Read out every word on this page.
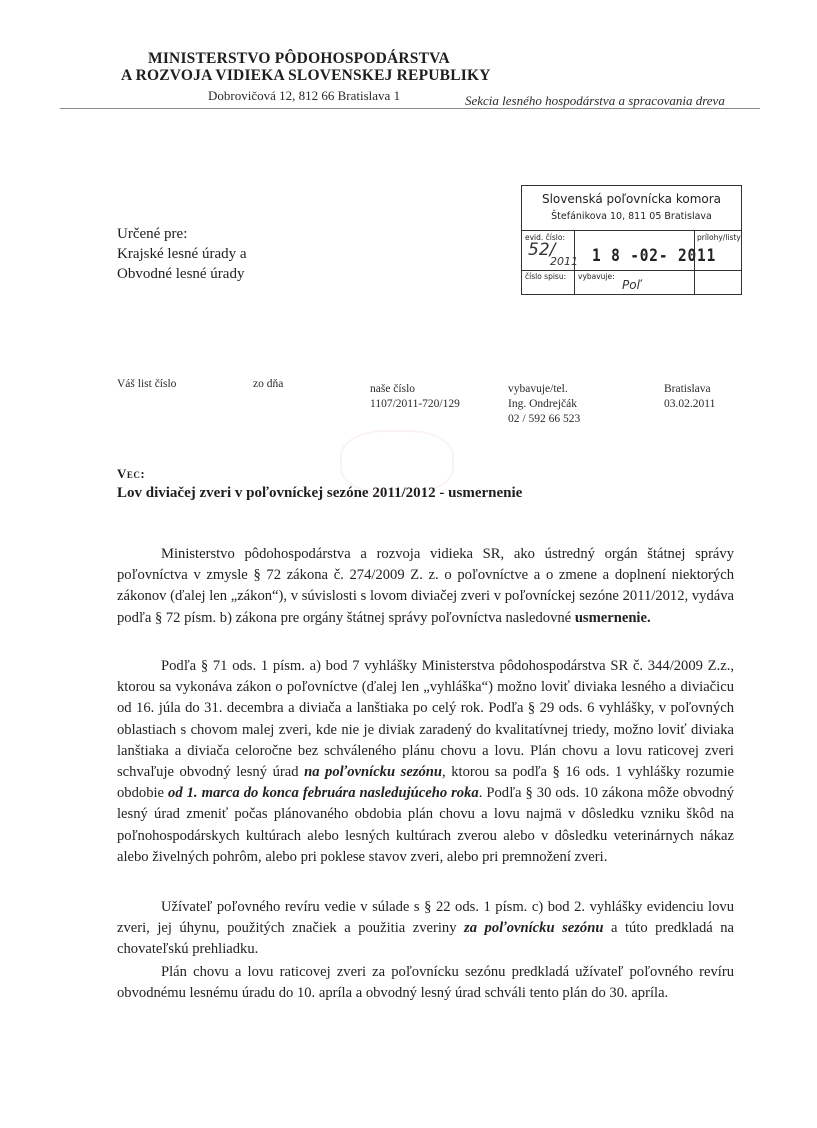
MINISTERSTVO PÔDOHOSPODÁRSTVA
A ROZVOJA VIDIEKA SLOVENSKEJ REPUBLIKY
Dobrovičová 12, 812 66 Bratislava 1	Sekcia lesného hospodárstva a spracovania dreva
Slovenská poľovnícka komora
Štefánikova 10, 811 05 Bratislava
evid. číslo:
52/
2011 1 8 -02- 2011
prílohy/listy
číslo spisu: vybavuje:
Poľ
Určené pre:
Krajské lesné úrady a
Obvodné lesné úrady
Váš list číslo	zo dňa	naše číslo
1107/2011-720/129
vybavuje/tel.
Ing. Ondrejčák
02 / 592 66 523
Bratislava
03.02.2011
Vec:
Lov diviačej zveri v poľovníckej sezóne 2011/2012 - usmernenie

Ministerstvo pôdohospodárstva a rozvoja vidieka SR, ako ústredný orgán štátnej správy poľovníctva v zmysle § 72 zákona č. 274/2009 Z. z. o poľovníctve a o zmene a doplnení niektorých zákonov (ďalej len „zákon“), v súvislosti s lovom diviačej zveri v poľovníckej sezóne 2011/2012, vydáva podľa § 72 písm. b) zákona pre orgány štátnej správy poľovníctva nasledovné usmernenie.

Podľa § 71 ods. 1 písm. a) bod 7 vyhlášky Ministerstva pôdohospodárstva SR č. 344/2009 Z.z., ktorou sa vykonáva zákon o poľovníctve (ďalej len „vyhláška“) možno loviť diviaka lesného a diviačicu od 16. júla do 31. decembra a diviača a lanštiaka po celý rok. Podľa § 29 ods. 6 vyhlášky, v poľovných oblastiach s chovom malej zveri, kde nie je diviak zaradený do kvalitatívnej triedy, možno loviť diviaka lanštiaka a diviača celoročne bez schváleného plánu chovu a lovu. Plán chovu a lovu raticovej zveri schvaľuje obvodný lesný úrad na poľovnícku sezónu, ktorou sa podľa § 16 ods. 1 vyhlášky rozumie obdobie od 1. marca do konca februára nasledujúceho roka. Podľa § 30 ods. 10 zákona môže obvodný lesný úrad zmeniť počas plánovaného obdobia plán chovu a lovu najmä v dôsledku vzniku škôd na poľnohospodárskych kultúrach alebo lesných kultúrach zverou alebo v dôsledku veterinárnych nákaz alebo živelných pohrôm, alebo pri poklese stavov zveri, alebo pri premnožení zveri.

Užívateľ poľovného revíru vedie v súlade s § 22 ods. 1 písm. c) bod 2. vyhlášky evidenciu lovu zveri, jej úhynu, použitých značiek a použitia zveriny za poľovnícku sezónu a túto predkladá na chovateľskú prehliadku.

Plán chovu a lovu raticovej zveri za poľovnícku sezónu predkladá užívateľ poľovného revíru obvodnému lesnému úradu do 10. apríla a obvodný lesný úrad schváli tento plán do 30. apríla.
